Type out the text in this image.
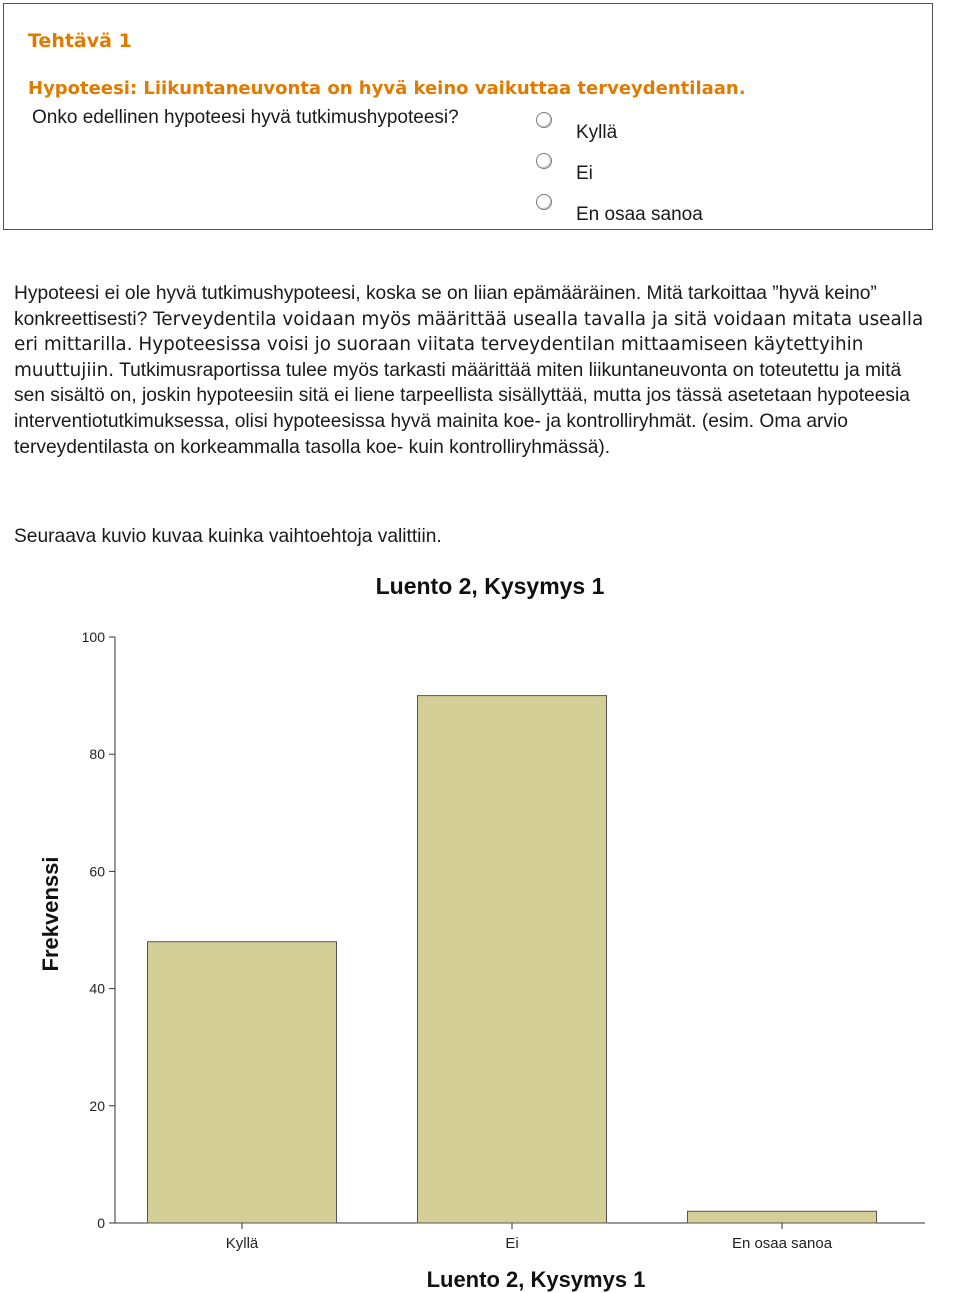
Tehtävä 1

Hypoteesi: Liikuntaneuvonta on hyvä keino vaikuttaa terveydentilaan.

Onko edellinen hypoteesi hyvä tutkimushypoteesi?

Kyllä
Ei
En osaa sanoa

Hypoteesi ei ole hyvä tutkimushypoteesi, koska se on liian epämääräinen. Mitä tarkoittaa ”hyvä keino” konkreettisesti? Terveydentila voidaan myös määrittää usealla tavalla ja sitä voidaan mitata usealla eri mittarilla. Hypoteesissa voisi jo suoraan viitata terveydentilan mittaamiseen käytettyihin muuttujiin. Tutkimusraportissa tulee myös tarkasti määrittää miten liikuntaneuvonta on toteutettu ja mitä sen sisältö on, joskin hypoteesiin sitä ei liene tarpeellista sisällyttää, mutta jos tässä asetetaan hypoteesia interventiotutkimuksessa, olisi hypoteesissa hyvä mainita koe- ja kontrolliryhmät. (esim. Oma arvio terveydentilasta on korkeammalla tasolla koe- kuin kontrolliryhmässä).

Seuraava kuvio kuvaa kuinka vaihtoehtoja valittiin.

Luento 2, Kysymys 1
Luento 2, Kysymys 1
Frekvenssi
0
20
40
60
80
100
Kyllä	Ei	En osaa sanoa
